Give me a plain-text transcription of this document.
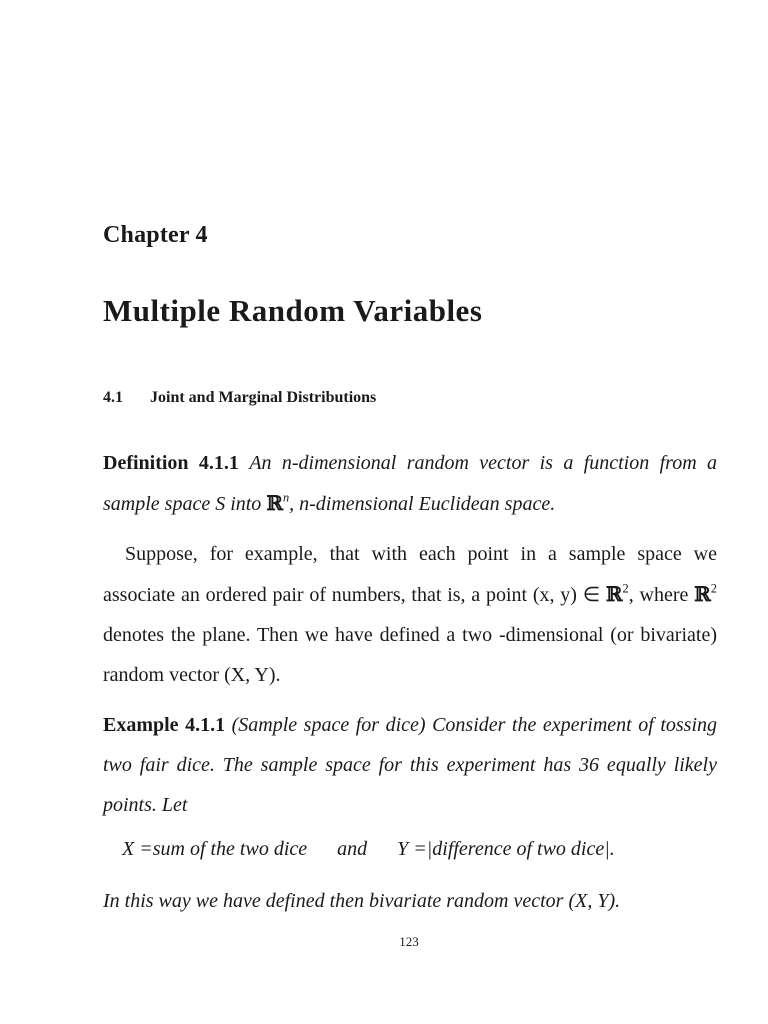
Chapter 4
Multiple Random Variables
4.1 Joint and Marginal Distributions
Definition 4.1.1 An n-dimensional random vector is a function from a sample space S into ℝ$^n$, n-dimensional Euclidean space.
Suppose, for example, that with each point in a sample space we associate an ordered pair of numbers, that is, a point (x, y) ∈ ℝ$^2$, where ℝ$^2$ denotes the plane. Then we have defined a two -dimensional (or bivariate) random vector (X, Y).
Example 4.1.1 (Sample space for dice) Consider the experiment of tossing two fair dice. The sample space for this experiment has 36 equally likely points. Let
X =sum of the two dice and Y =|difference of two dice|.
In this way we have defined then bivariate random vector (X, Y).
123
